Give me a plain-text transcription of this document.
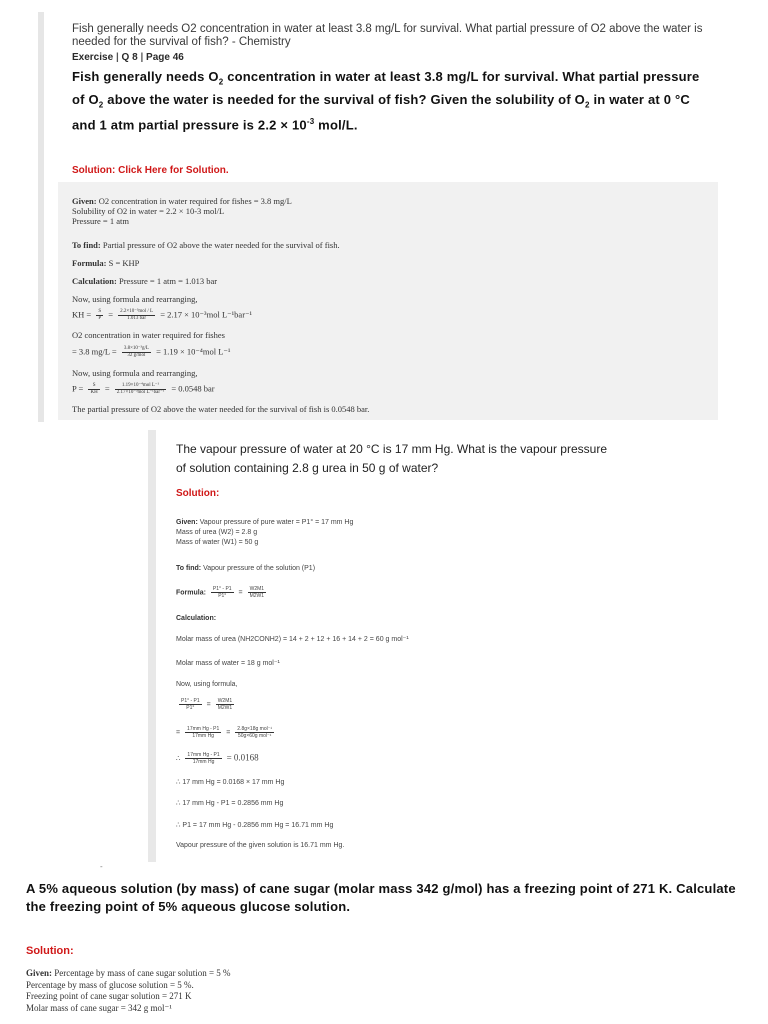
Fish generally needs O2 concentration in water at least 3.8 mg/L for survival. What partial pressure of O2 above the water is needed for the survival of fish? - Chemistry
Exercise | Q 8 | Page 46
Fish generally needs $O_2$ concentration in water at least 3.8 mg/L for survival. What partial pressure of $O_2$ above the water is needed for the survival of fish? Given the solubility of $O_2$ in water at 0 °C and 1 atm partial pressure is $2.2 \times 10^{-3}$ mol/L.
Solution: Click Here for Solution.
Given: O2 concentration in water required for fishes = 3.8 mg/L
Solubility of O2 in water = 2.2 × 10-3 mol/L
Pressure = 1 atm
To find: Partial pressure of O2 above the water needed for the survival of fish.
Formula: S = KHP
Calculation: Pressure = 1 atm = 1.013 bar
Now, using formula and rearranging,
KH = $\frac{S}{P} = \frac{\text{2.2×10⁻³mol / L}}{\text{1.013 bar}} = 2.17 \times 10^{-3}mol$ L⁻¹bar⁻¹
O2 concentration in water required for fishes
= 3.8 $mg/L = \frac{\text{3.8×10⁻³g/L}}{\text{32 g/mol}} = 1.19 \times 10^{-4}mol$ L⁻¹
Now, using formula and rearranging,
$P = \frac{S}{KH} = \frac{\text{1.19×10⁻⁴mol L⁻¹}}{\text{2.17×10⁻³mol L⁻¹bar⁻¹}} = 0.0548$ bar
The partial pressure of O2 above the water needed for the survival of fish is 0.0548 bar.
The vapour pressure of water at 20 °C is 17 mm Hg. What is the vapour pressure of solution containing 2.8 g urea in 50 g of water?
Solution:
Given: Vapour pressure of pure water = P1° = 17 mm Hg
Mass of urea (W2) = 2.8 g
Mass of water (W1) = 50 g
To find: Vapour pressure of the solution (P1)
Formula: $\frac{P1^\circ - P1}{P1^\circ} = \frac{W2M1}{M2W1}$
Calculation:
Molar mass of urea (NH2CONH2) = 14 + 2 + 12 + 16 + 14 + 2 = 60 g mol⁻¹
Molar mass of water = 18 g mol⁻¹
Now, using formula,
$\frac{P1^\circ - P1}{P1^\circ} = \frac{W2M1}{M2W1}$
= $\frac{\text{17mm Hg - P1}}{\text{17mm Hg}} = \frac{\text{2.8g×18g mol⁻¹}}{\text{50g×60g mol⁻¹}}$
∴ $\frac{\text{17mm Hg - P1}}{\text{17mm Hg}} = 0.0168$
∴ 17 mm Hg = 0.0168 × 17 mm Hg
∴ 17 mm Hg - P1 = 0.2856 mm Hg
∴ P1 = 17 mm Hg - 0.2856 mm Hg = 16.71 mm Hg
Vapour pressure of the given solution is 16.71 mm Hg.
-
A 5% aqueous solution (by mass) of cane sugar (molar mass 342 g/mol) has a freezing point of 271 K. Calculate the freezing point of 5% aqueous glucose solution.
Solution:
Given: Percentage by mass of cane sugar solution = 5 %
Percentage by mass of glucose solution = 5 %.
Freezing point of cane sugar solution = 271 K
Molar mass of cane sugar = 342 g mol⁻¹
